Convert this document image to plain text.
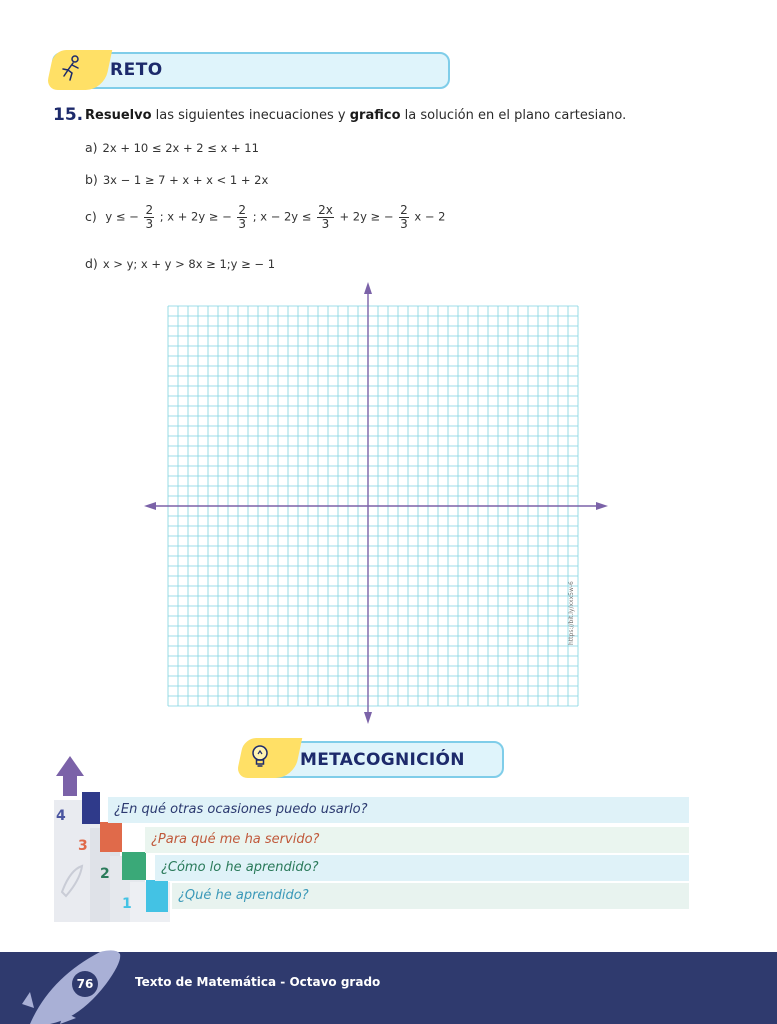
RETO
15. Resuelvo las siguientes inecuaciones y grafico la solución en el plano cartesiano.
a) 2x + 10 ≤ 2x + 2 ≤ x + 11
b) 3x − 1 ≥ 7 + x + x < 1 + 2x
c) y ≤ − $\frac{2}{3}$ ; x + 2y ≥ − $\frac{2}{3}$ ; $x - 2y \le \frac{2x}{3} + 2y$ ≥ − $\frac{2}{3}$ x − 2
d) x > y; x + y > 8x ≥ 1;y ≥ − 1
https://bit.ly/xxx5w-6
METACOGNICIÓN
4
3
2
1
¿En qué otras ocasiones puedo usarlo?
¿Para qué me ha servido?
¿Cómo lo he aprendido?
¿Qué he aprendido?
76	Texto de Matemática - Octavo grado
